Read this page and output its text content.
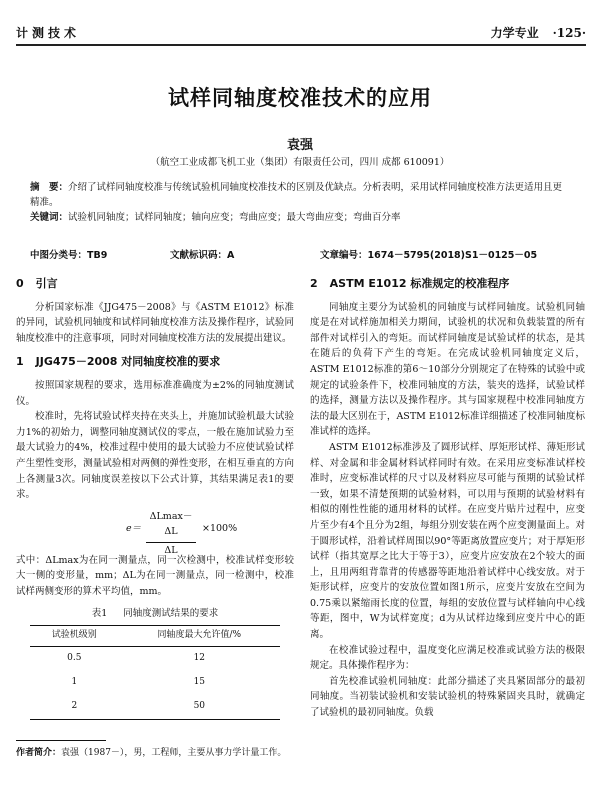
计测技术	力学专业 ·125·
试样同轴度校准技术的应用
袁强
（航空工业成都飞机工业（集团）有限责任公司，四川 成都 610091）

摘　要：介绍了试样同轴度校准与传统试验机同轴度校准技术的区别及优缺点。分析表明，采用试样同轴度校准方法更适用且更精准。

关键词：试验机同轴度；试样同轴度；轴向应变；弯曲应变；最大弯曲应变；弯曲百分率

中图分类号：TB9	文献标识码：A	文章编号：1674－5795(2018)S1－0125－05
0 引言

分析国家标准《JJG475－2008》与《ASTM E1012》标准的异同，试验机同轴度和试样同轴度校准方法及操作程序，试验同轴度校准中的注意事项，同时对同轴度校准方法的发展提出建议。

1 JJG475－2008 对同轴度校准的要求

按照国家规程的要求，选用标准准确度为±2%的同轴度测试仪。

校准时，先将试验试样夹持在夹头上，并施加试验机最大试验力1%的初始力，调整同轴度测试仪的零点，一般在施加试验力至最大试验力的4%，校准过程中使用的最大试验力不应使试验试样产生塑性变形，测量试验相对两侧的弹性变形，在相互垂直的方向上各测量3次。同轴度误差按以下公式计算，其结果满足表1的要求。

e＝
ΔLmax－ΔL
ΔL
×100%

式中：ΔLmax为在同一测量点，同一次检测中，校准试样变形较大一侧的变形量，mm；ΔL为在同一测量点，同一检测中，校准试样两侧变形的算术平均值，mm。

表1 同轴度测试结果的要求
试验机级别	同轴度最大允许值/%
0.5	12
1	15
2	50
2 ASTM E1012 标准规定的校准程序

同轴度主要分为试验机的同轴度与试样同轴度。试验机同轴度是在对试样施加相关力期间，试验机的状况和负载装置的所有部件对试样引入的弯矩。而试样同轴度是试验试样的状态，是其在随后的负荷下产生的弯矩。在完成试验机同轴度定义后，ASTM E1012标准的第6～10部分分别规定了在特殊的试验中或规定的试验条件下，校准同轴度的方法，装夹的选择，试验试样的选择，测量方法以及操作程序。其与国家规程中校准同轴度方法的最大区别在于，ASTM E1012标准详细描述了校准同轴度标准试样的选择。

ASTM E1012标准涉及了圆形试样、厚矩形试样、薄矩形试样、对金属和非金属材料试样同时有效。在采用应变标准试样校准时，应变标准试样的尺寸以及材料应尽可能与预期的试验试样一致，如果不清楚预期的试验材料，可以用与预期的试验材料有相似的刚性性能的通用材料的试样。在应变片贴片过程中，应变片至少有4个且分为2组，每组分别安装在两个应变测量面上。对于圆形试样，沿着试样周围以90°等距离放置应变片；对于厚矩形试样（指其宽厚之比大于等于3），应变片应安放在2个较大的面上，且用两组背靠背的传感器等距地沿着试样中心线安放。对于矩形试样，应变片的安放位置如图1所示，应变片安放在空间为0.75乘以紧缩雨长度的位置，每组的安放位置与试样轴向中心线等距，图中，W为试样宽度；d为从试样边缘到应变片中心的距离。

在校准试验过程中，温度变化应满足校准或试验方法的极限规定。具体操作程序为：

首先校准试验机同轴度：此部分描述了夹具紧固部分的最初同轴度。当初装试验机和安装试验机的特殊紧固夹具时，就确定了试验机的最初同轴度。负载

作者简介：袁强（1987－），男，工程师，主要从事力学计量工作。
